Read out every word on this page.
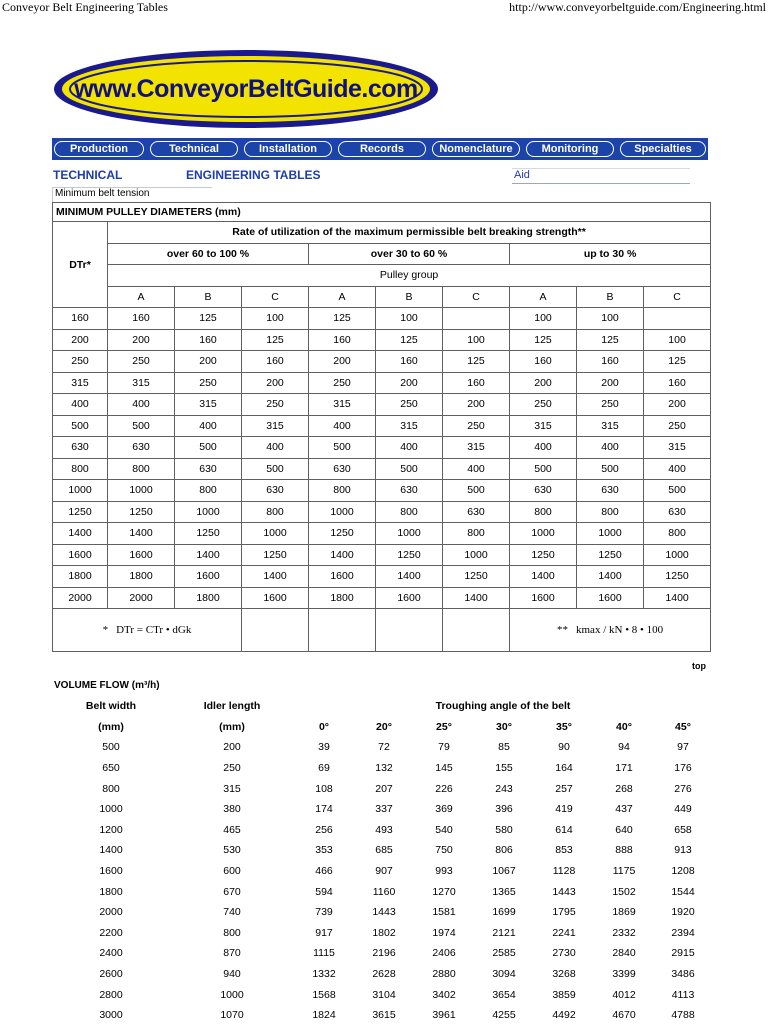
Conveyor Belt Engineering Tables	http://www.conveyorbeltguide.com/Engineering.html
www.ConveyorBeltGuide.com
Production	Technical	Installation	Records	Nomenclature	Monitoring	Specialties
TECHNICAL	ENGINEERING TABLES	Aid
Minimum belt tension
MINIMUM PULLEY DIAMETERS (mm)									
DTr*	Rate of utilization of the maximum permissible belt breaking strength**								
	over 60 to 100 %			over 30 to 60 %			up to 30 %		
	Pulley group								
	A	B	C	A	B	C	A	B	C
160	160	125	100	125	100		100	100	
200	200	160	125	160	125	100	125	125	100
250	250	200	160	200	160	125	160	160	125
315	315	250	200	250	200	160	200	200	160
400	400	315	250	315	250	200	250	250	200
500	500	400	315	400	315	250	315	315	250
630	630	500	400	500	400	315	400	400	315
800	800	630	500	630	500	400	500	500	400
1000	1000	800	630	800	630	500	630	630	500
1250	1250	1000	800	1000	800	630	800	800	630
1400	1400	1250	1000	1250	1000	800	1000	1000	800
1600	1600	1400	1250	1400	1250	1000	1250	1250	1000
1800	1800	1600	1400	1600	1400	1250	1400	1400	1250
2000	2000	1800	1600	1800	1600	1400	1600	1600	1400
* DTr = CTr • dGk							** kmax / kN • 8 • 100		
top
VOLUME FLOW (m³/h)
Belt width	Idler length	Troughing angle of the belt						
(mm)	(mm)	0°	20°	25°	30°	35°	40°	45°
500	200	39	72	79	85	90	94	97
650	250	69	132	145	155	164	171	176
800	315	108	207	226	243	257	268	276
1000	380	174	337	369	396	419	437	449
1200	465	256	493	540	580	614	640	658
1400	530	353	685	750	806	853	888	913
1600	600	466	907	993	1067	1128	1175	1208
1800	670	594	1160	1270	1365	1443	1502	1544
2000	740	739	1443	1581	1699	1795	1869	1920
2200	800	917	1802	1974	2121	2241	2332	2394
2400	870	1115	2196	2406	2585	2730	2840	2915
2600	940	1332	2628	2880	3094	3268	3399	3486
2800	1000	1568	3104	3402	3654	3859	4012	4113
3000	1070	1824	3615	3961	4255	4492	4670	4788
